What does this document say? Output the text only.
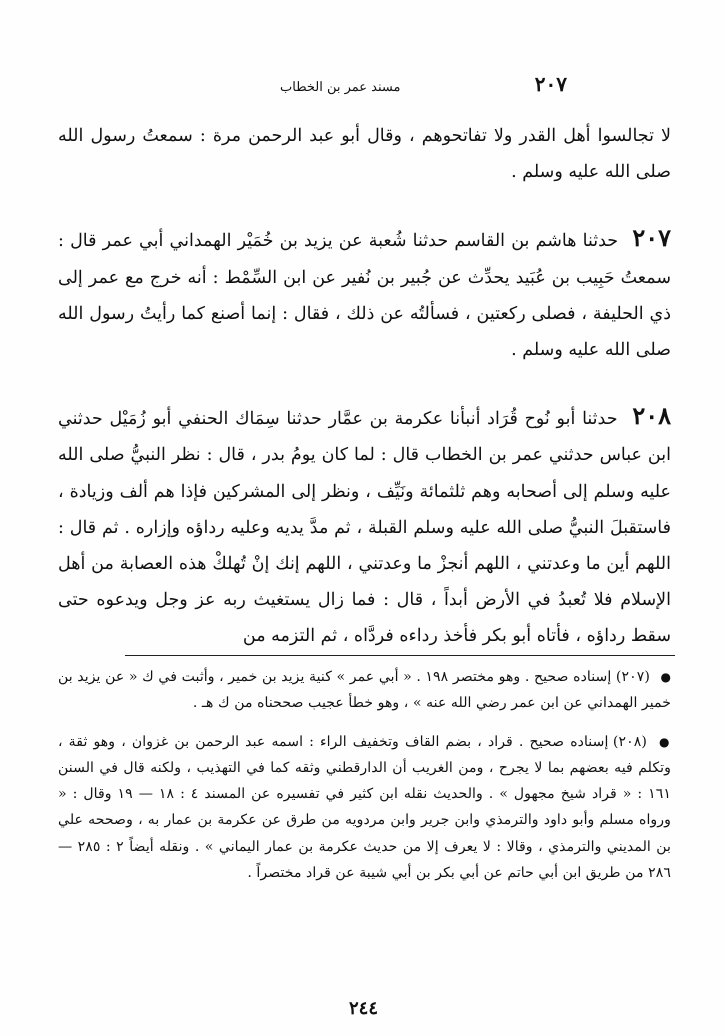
٢٠٧
مسند عمر بن الخطاب

لا تجالسوا أهل القدر ولا تفاتحوهم ، وقال أبو عبد الرحمن مرة : سمعتُ رسول الله صلى الله عليه وسلم .

٢٠٧ حدثنا هاشم بن القاسم حدثنا شُعبة عن يزيد بن خُمَيْر الهمداني أبي عمر قال : سمعتُ حَبِيب بن عُبَيد يحدِّث عن جُبير بن نُفير عن ابن السِّمْط : أنه خرج مع عمر إلى ذي الحليفة ، فصلى ركعتين ، فسألتُه عن ذلك ، فقال : إنما أصنع كما رأيتُ رسول الله صلى الله عليه وسلم .

٢٠٨ حدثنا أبو نُوح قُرَاد أنبأنا عكرمة بن عمَّار حدثنا سِمَاك الحنفي أبو زُمَيْل حدثني ابن عباس حدثني عمر بن الخطاب قال : لما كان يومُ بدر ، قال : نظر النبيُّ صلى الله عليه وسلم إلى أصحابه وهم ثلثمائة ونَيِّف ، ونظر إلى المشركين فإذا هم ألف وزيادة ، فاستقبلَ النبيُّ صلى الله عليه وسلم القبلة ، ثم مدَّ يديه وعليه رداؤه وإزاره . ثم قال : اللهم أين ما وعدتني ، اللهم أنجزْ ما وعدتني ، اللهم إنك إنْ تُهلكْ هذه العصابة من أهل الإسلام فلا تُعبدُ في الأرض أبداً ، قال : فما زال يستغيث ربه عز وجل ويدعوه حتى سقط رداؤه ، فأتاه أبو بكر فأخذ رداءه فردَّاه ، ثم التزمه من

● (٢٠٧) إسناده صحيح . وهو مختصر ١٩٨ . « أبي عمر » كنية يزيد بن خمير ، وأثبت في ك « عن يزيد بن خمير الهمداني عن ابن عمر رضي الله عنه » ، وهو خطأ عجيب صححناه من ك هـ .

● (٢٠٨) إسناده صحيح . قراد ، بضم القاف وتخفيف الراء : اسمه عبد الرحمن بن غزوان ، وهو ثقة ، وتكلم فيه بعضهم بما لا يجرح ، ومن الغريب أن الدارقطني وثقه كما في التهذيب ، ولكنه قال في السنن ١٦١ : « قراد شيخ مجهول » . والحديث نقله ابن كثير في تفسيره عن المسند ٤ : ١٨ — ١٩ وقال : « ورواه مسلم وأبو داود والترمذي وابن جرير وابن مردويه من طرق عن عكرمة بن عمار به ، وصححه علي بن المديني والترمذي ، وقالا : لا يعرف إلا من حديث عكرمة بن عمار اليماني » . ونقله أيضاً ٢ : ٢٨٥ — ٢٨٦ من طريق ابن أبي حاتم عن أبي بكر بن أبي شيبة عن قراد مختصراً .

٢٤٤
